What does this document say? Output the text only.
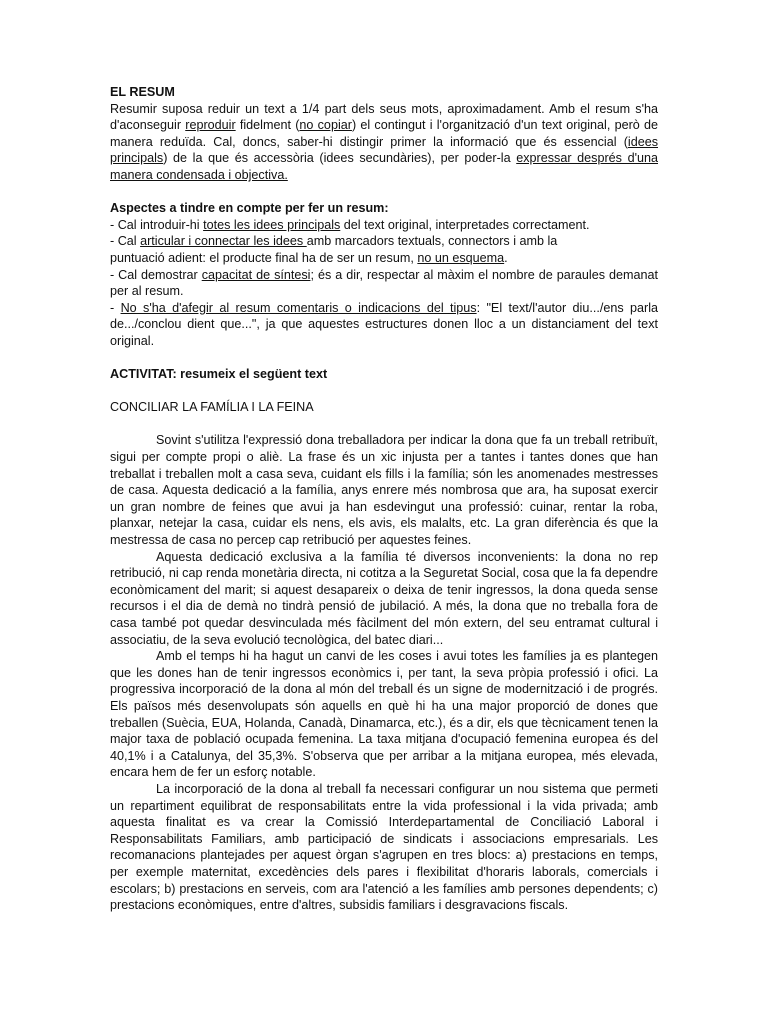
EL RESUM

Resumir suposa reduir un text a 1/4 part dels seus mots, aproximadament. Amb el resum s'ha d'aconseguir reproduir fidelment (no copiar) el contingut i l'organització d'un text original, però de manera reduïda. Cal, doncs, saber-hi distingir primer la informació que és essencial (idees principals) de la que és accessòria (idees secundàries), per poder-la expressar després d'una manera condensada i objectiva.

Aspectes a tindre en compte per fer un resum:

- Cal introduir-hi totes les idees principals del text original, interpretades correctament.

- Cal articular i connectar les idees amb marcadors textuals, connectors i amb la

puntuació adient: el producte final ha de ser un resum, no un esquema.

- Cal demostrar capacitat de síntesi; és a dir, respectar al màxim el nombre de paraules demanat per al resum.

- No s'ha d'afegir al resum comentaris o indicacions del tipus: "El text/l'autor diu.../ens parla de.../conclou dient que...", ja que aquestes estructures donen lloc a un distanciament del text original.

ACTIVITAT: resumeix el següent text

CONCILIAR LA FAMÍLIA I LA FEINA

Sovint s'utilitza l'expressió dona treballadora per indicar la dona que fa un treball retribuït, sigui per compte propi o aliè. La frase és un xic injusta per a tantes i tantes dones que han treballat i treballen molt a casa seva, cuidant els fills i la família; són les anomenades mestresses de casa. Aquesta dedicació a la família, anys enrere més nombrosa que ara, ha suposat exercir un gran nombre de feines que avui ja han esdevingut una professió: cuinar, rentar la roba, planxar, netejar la casa, cuidar els nens, els avis, els malalts, etc. La gran diferència és que la mestressa de casa no percep cap retribució per aquestes feines.

Aquesta dedicació exclusiva a la família té diversos inconvenients: la dona no rep retribució, ni cap renda monetària directa, ni cotitza a la Seguretat Social, cosa que la fa dependre econòmicament del marit; si aquest desapareix o deixa de tenir ingressos, la dona queda sense recursos i el dia de demà no tindrà pensió de jubilació. A més, la dona que no treballa fora de casa també pot quedar desvinculada més fàcilment del món extern, del seu entramat cultural i associatiu, de la seva evolució tecnològica, del batec diari...

Amb el temps hi ha hagut un canvi de les coses i avui totes les famílies ja es plantegen que les dones han de tenir ingressos econòmics i, per tant, la seva pròpia professió i ofici. La progressiva incorporació de la dona al món del treball és un signe de modernització i de progrés. Els països més desenvolupats són aquells en què hi ha una major proporció de dones que treballen (Suècia, EUA, Holanda, Canadà, Dinamarca, etc.), és a dir, els que tècnicament tenen la major taxa de població ocupada femenina. La taxa mitjana d'ocupació femenina europea és del 40,1% i a Catalunya, del 35,3%. S'observa que per arribar a la mitjana europea, més elevada, encara hem de fer un esforç notable.

La incorporació de la dona al treball fa necessari configurar un nou sistema que permeti un repartiment equilibrat de responsabilitats entre la vida professional i la vida privada; amb aquesta finalitat es va crear la Comissió Interdepartamental de Conciliació Laboral i Responsabilitats Familiars, amb participació de sindicats i associacions empresarials. Les recomanacions plantejades per aquest òrgan s'agrupen en tres blocs: a) prestacions en temps, per exemple maternitat, excedències dels pares i flexibilitat d'horaris laborals, comercials i escolars; b) prestacions en serveis, com ara l'atenció a les famílies amb persones dependents; c) prestacions econòmiques, entre d'altres, subsidis familiars i desgravacions fiscals.
